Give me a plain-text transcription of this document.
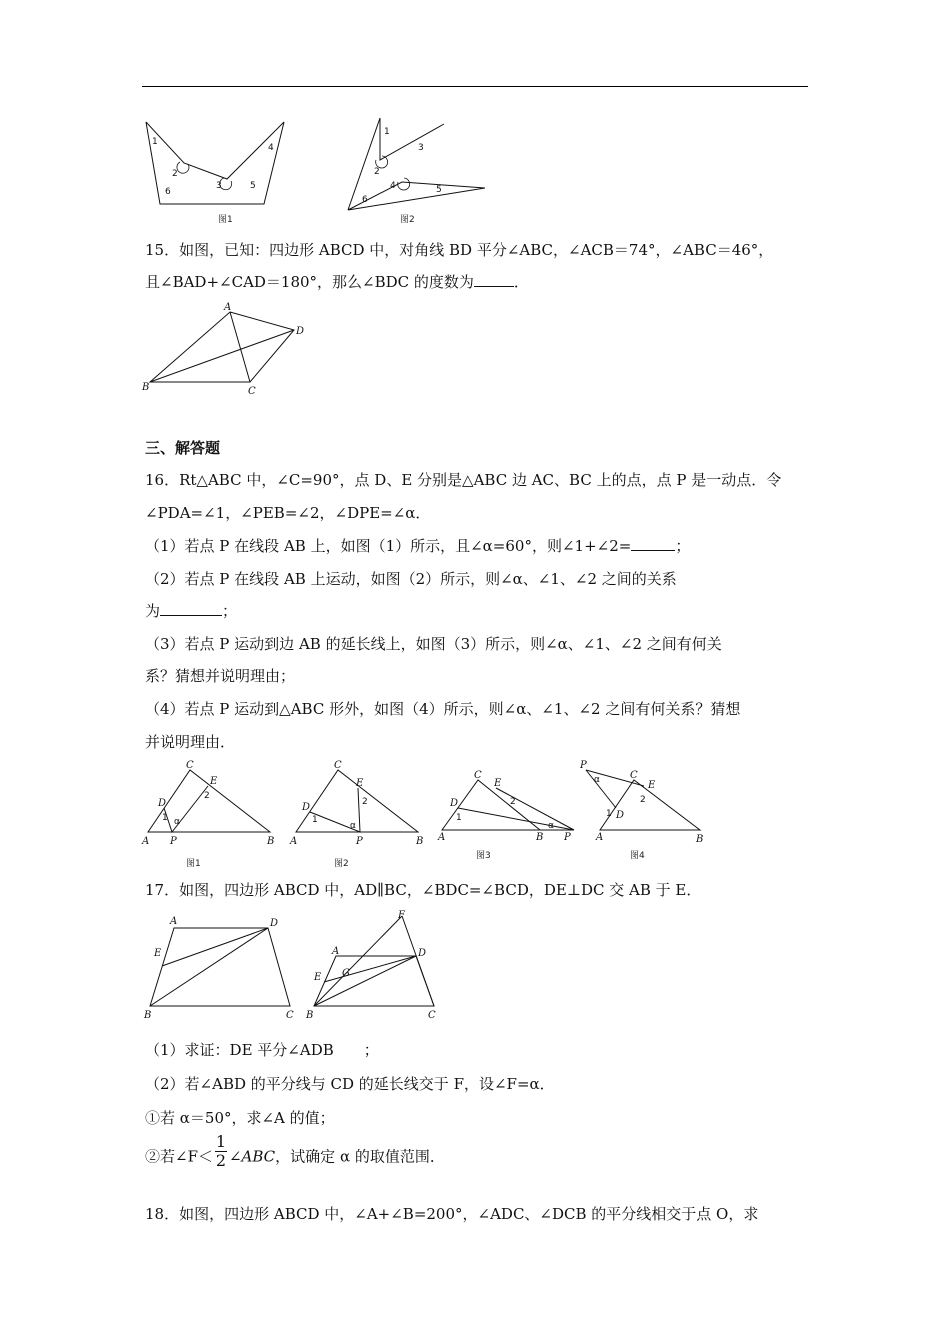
1
2
3
4
5
6
图1
1
2
3
4	5
6
图2
15．如图，已知：四边形 ABCD 中，对角线 BD 平分∠ABC，∠ACB＝74°，∠ABC＝46°，
且∠BAD+∠CAD＝180°，那么∠BDC 的度数为	．
A
B	C
D
三、解答题
16．Rt△ABC 中，∠C=90°，点 D、E 分别是△ABC 边 AC、BC 上的点，点 P 是一动点．令
∠PDA=∠1，∠PEB=∠2，∠DPE=∠α．
（1）若点 P 在线段 AB 上，如图（1）所示，且∠α=60°，则∠1+∠2=	；
（2）若点 P 在线段 AB 上运动，如图（2）所示，则∠α、∠1、∠2 之间的关系
为	；
（3）若点 P 运动到边 AB 的延长线上，如图（3）所示，则∠α、∠1、∠2 之间有何关
系？猜想并说明理由；
（4）若点 P 运动到△ABC 形外，如图（4）所示，则∠α、∠1、∠2 之间有何关系？猜想
并说明理由．
C
D
E
A P	B
1
2
α
图1
C
D
E
A	P	B
1
2
α
图2
C
D
E
A	B P
1
2
α
图3
P
C
E
D
A	B
1
2
α
图4
17．如图，四边形 ABCD 中，AD∥BC，∠BDC=∠BCD，DE⊥DC 交 AB 于 E．
A	D
E
B	C
F
A	D
G
E
B	C
（1）求证：DE 平分∠ADB　　；
（2）若∠ABD 的平分线与 CD 的延长线交于 F，设∠F=α．
①若 α＝50°，求∠A 的值；
②若∠F＜ $\frac{1}{2}$ ∠ABC，试确定 α 的取值范围．
18．如图，四边形 ABCD 中，∠A+∠B=200°，∠ADC、∠DCB 的平分线相交于点 O，求
